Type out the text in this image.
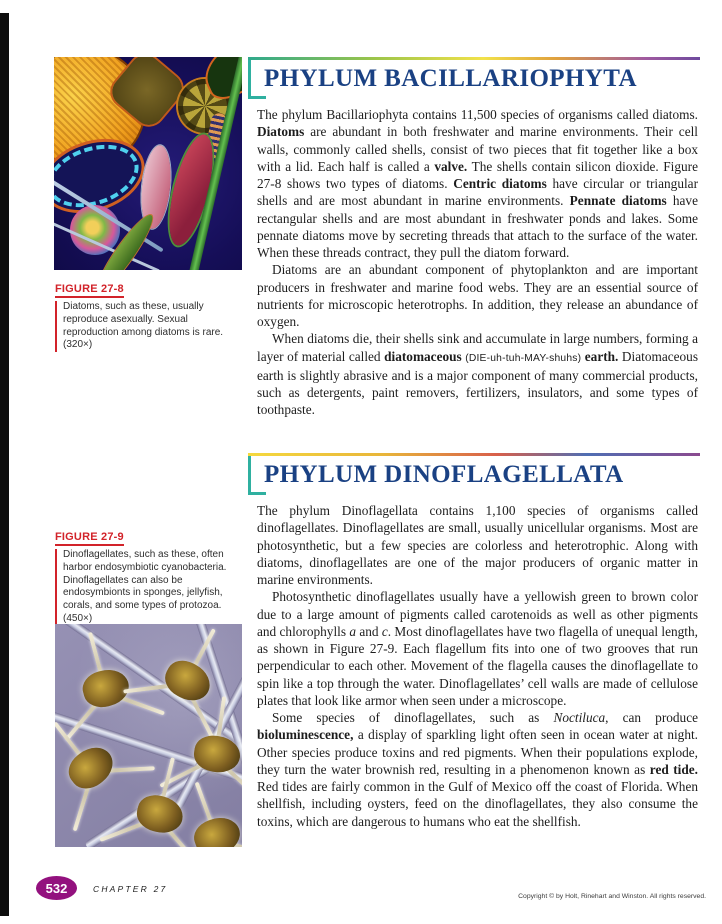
FIGURE 27-8
Diatoms, such as these, usually reproduce asexually. Sexual reproduction among diatoms is rare. (320×)
FIGURE 27-9
Dinoflagellates, such as these, often harbor endosymbiotic cyanobacteria. Dinoflagellates can also be endosymbionts in sponges, jellyfish, corals, and some types of protozoa. (450×)
PHYLUM BACILLARIOPHYTA

The phylum Bacillariophyta contains 11,500 species of organisms called diatoms. Diatoms are abundant in both freshwater and marine environments. Their cell walls, commonly called shells, consist of two pieces that fit together like a box with a lid. Each half is called a valve. The shells contain silicon dioxide. Figure 27-8 shows two types of diatoms. Centric diatoms have circular or triangular shells and are most abundant in marine environments. Pennate diatoms have rectangular shells and are most abundant in freshwater ponds and lakes. Some pennate diatoms move by secreting threads that attach to the surface of the water. When these threads contract, they pull the diatom forward.

Diatoms are an abundant component of phytoplankton and are important producers in freshwater and marine food webs. They are an essential source of nutrients for microscopic heterotrophs. In addition, they release an abundance of oxygen.

When diatoms die, their shells sink and accumulate in large numbers, forming a layer of material called diatomaceous (DIE-uh-tuh-MAY-shuhs) earth. Diatomaceous earth is slightly abrasive and is a major component of many commercial products, such as detergents, paint removers, fertilizers, insulators, and some types of toothpaste.

PHYLUM DINOFLAGELLATA

The phylum Dinoflagellata contains 1,100 species of organisms called dinoflagellates. Dinoflagellates are small, usually unicellular organisms. Most are photosynthetic, but a few species are colorless and heterotrophic. Along with diatoms, dinoflagellates are one of the major producers of organic matter in marine environments.

Photosynthetic dinoflagellates usually have a yellowish green to brown color due to a large amount of pigments called carotenoids as well as other pigments and chlorophylls a and c. Most dinoflagellates have two flagella of unequal length, as shown in Figure 27-9. Each flagellum fits into one of two grooves that run perpendicular to each other. Movement of the flagella causes the dinoflagellate to spin like a top through the water. Dinoflagellates’ cell walls are made of cellulose plates that look like armor when seen under a microscope.

Some species of dinoflagellates, such as Noctiluca, can produce bioluminescence, a display of sparkling light often seen in ocean water at night. Other species produce toxins and red pigments. When their populations explode, they turn the water brownish red, resulting in a phenomenon known as red tide. Red tides are fairly common in the Gulf of Mexico off the coast of Florida. When shellfish, including oysters, feed on the dinoflagellates, they also consume the toxins, which are dangerous to humans who eat the shellfish.

532	CHAPTER 27
Copyright © by Holt, Rinehart and Winston. All rights reserved.
